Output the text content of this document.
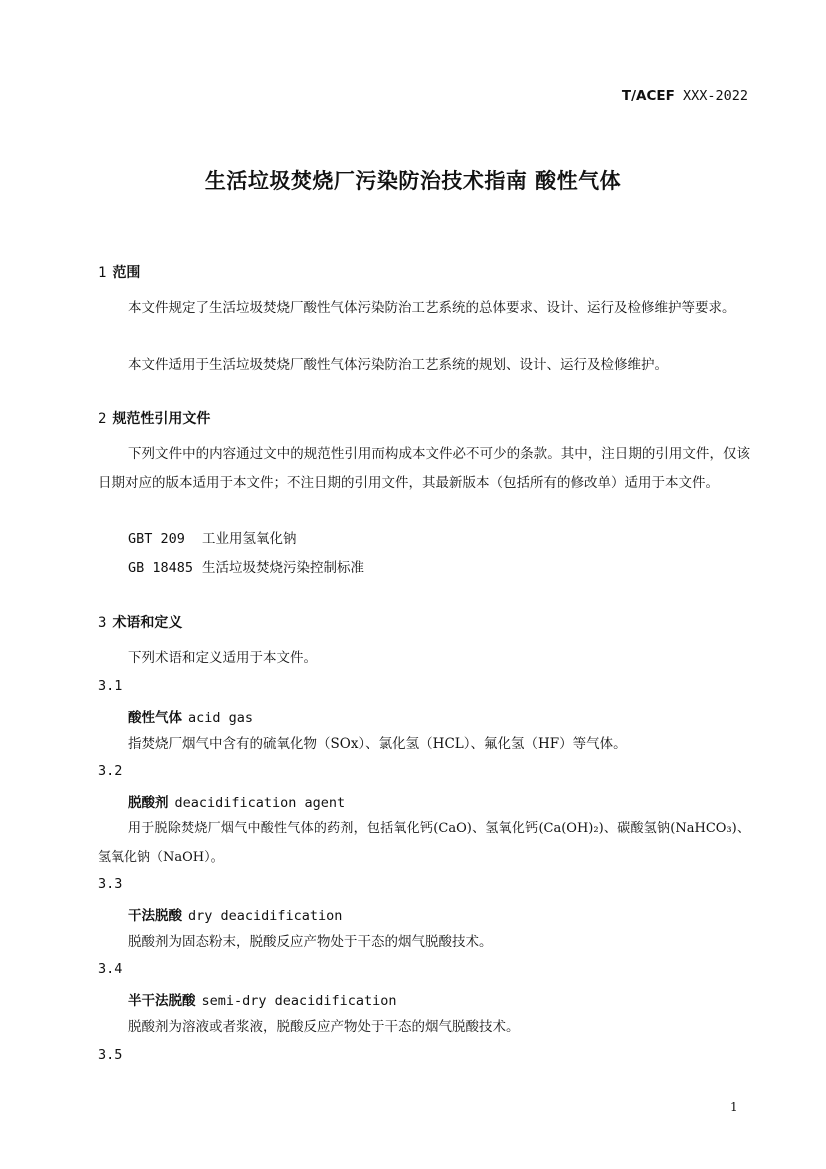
T/ACEF XXX-2022
生活垃圾焚烧厂污染防治技术指南 酸性气体
1 范围
本文件规定了生活垃圾焚烧厂酸性气体污染防治工艺系统的总体要求、设计、运行及检修维护等要求。
本文件适用于生活垃圾焚烧厂酸性气体污染防治工艺系统的规划、设计、运行及检修维护。
2 规范性引用文件
下列文件中的内容通过文中的规范性引用而构成本文件必不可少的条款。其中，注日期的引用文件，仅该日期对应的版本适用于本文件；不注日期的引用文件，其最新版本（包括所有的修改单）适用于本文件。
GBT 209 工业用氢氧化钠
GB 18485 生活垃圾焚烧污染控制标准
3 术语和定义
下列术语和定义适用于本文件。
3.1
酸性气体 acid gas
指焚烧厂烟气中含有的硫氧化物（SOx）、氯化氢（HCL）、氟化氢（HF）等气体。
3.2
脱酸剂 deacidification agent
用于脱除焚烧厂烟气中酸性气体的药剂，包括氧化钙(CaO)、氢氧化钙(Ca(OH)₂)、碳酸氢钠(NaHCO₃)、氢氧化钠（NaOH）。
3.3
干法脱酸 dry deacidification
脱酸剂为固态粉末，脱酸反应产物处于干态的烟气脱酸技术。
3.4
半干法脱酸 semi‐dry deacidification
脱酸剂为溶液或者浆液，脱酸反应产物处于干态的烟气脱酸技术。
3.5
1
